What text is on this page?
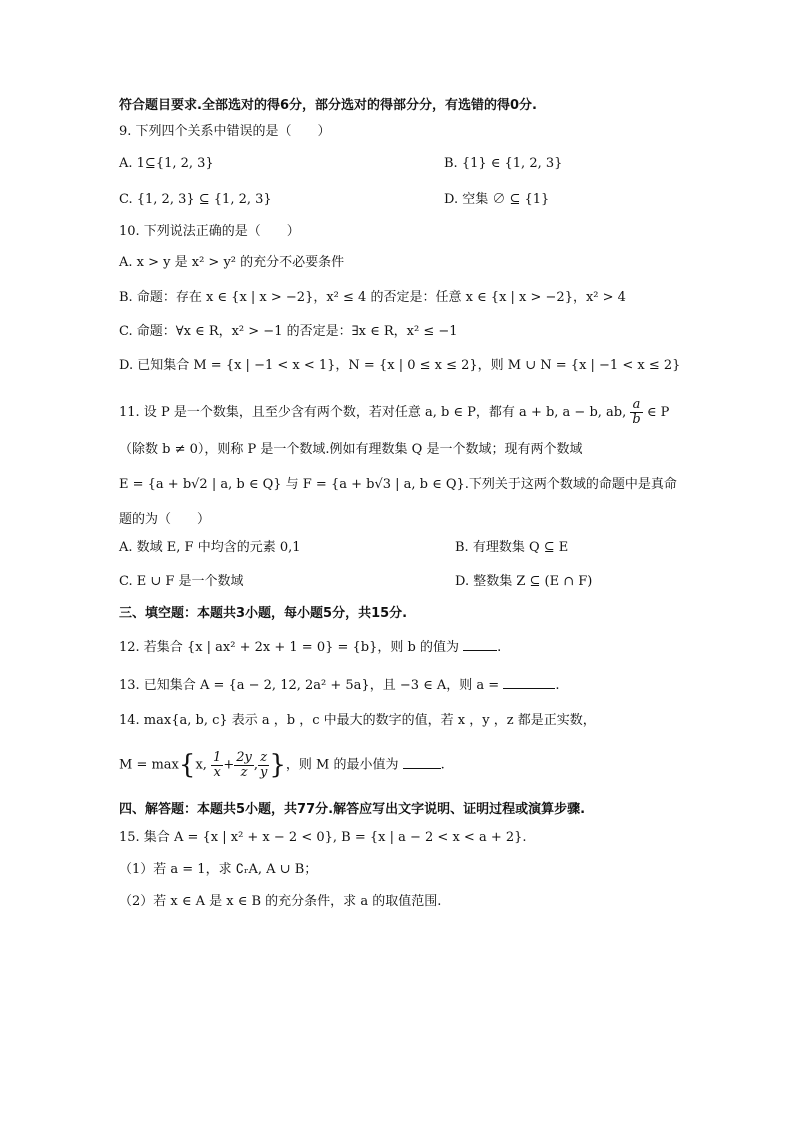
符合题目要求.全部选对的得6分，部分选对的得部分分，有选错的得0分.
9. 下列四个关系中错误的是（　　）
A. 1⊆{1, 2, 3}	B. {1} ∈ {1, 2, 3}
C. {1, 2, 3} ⊆ {1, 2, 3}	D. 空集 ∅ ⊆ {1}
10. 下列说法正确的是（　　）
A. x > y 是 x² > y² 的充分不必要条件
B. 命题：存在 x ∈ {x | x > −2}，x² ≤ 4 的否定是：任意 x ∈ {x | x > −2}，x² > 4
C. 命题：∀x ∈ R，x² > −1 的否定是：∃x ∈ R，x² ≤ −1
D. 已知集合 M = {x | −1 < x < 1}，N = {x | 0 ≤ x ≤ 2}，则 M ∪ N = {x | −1 < x ≤ 2}
11. 设 P 是一个数集，且至少含有两个数，若对任意 a, b ∈ P，都有 a + b, a − b, ab, $\frac{a}{b}$ ∈ P
（除数 b ≠ 0），则称 P 是一个数域.例如有理数集 Q 是一个数域；现有两个数域
E = {a + b√2 | a, b ∈ Q} 与 F = {a + b√3 | a, b ∈ Q}.下列关于这两个数域的命题中是真命
题的为（　　）
A. 数域 E, F 中均含的元素 0,1	B. 有理数集 Q ⊆ E
C. E ∪ F 是一个数域	D. 整数集 Z ⊆ (E ∩ F)
三、填空题：本题共3小题，每小题5分，共15分.
12. 若集合 {x | ax² + 2x + 1 = 0} = {b}，则 b 的值为	.
13. 已知集合 A = {a − 2, 12, 2a² + 5a}，且 −3 ∈ A，则 a =	.
14. max{a, b, c} 表示 a ，b ，c 中最大的数字的值，若 x ，y ，z 都是正实数，
M = max{x, $\frac{1}{x} + \frac{2y}{z}$ , $\frac{z}{y}$ }，则 M 的最小值为	.
四、解答题：本题共5小题，共77分.解答应写出文字说明、证明过程或演算步骤.
15. 集合 A = {x | x² + x − 2 < 0}, B = {x | a − 2 < x < a + 2}.
（1）若 a = 1，求 ∁ᵣA, A ∪ B；
（2）若 x ∈ A 是 x ∈ B 的充分条件，求 a 的取值范围.
